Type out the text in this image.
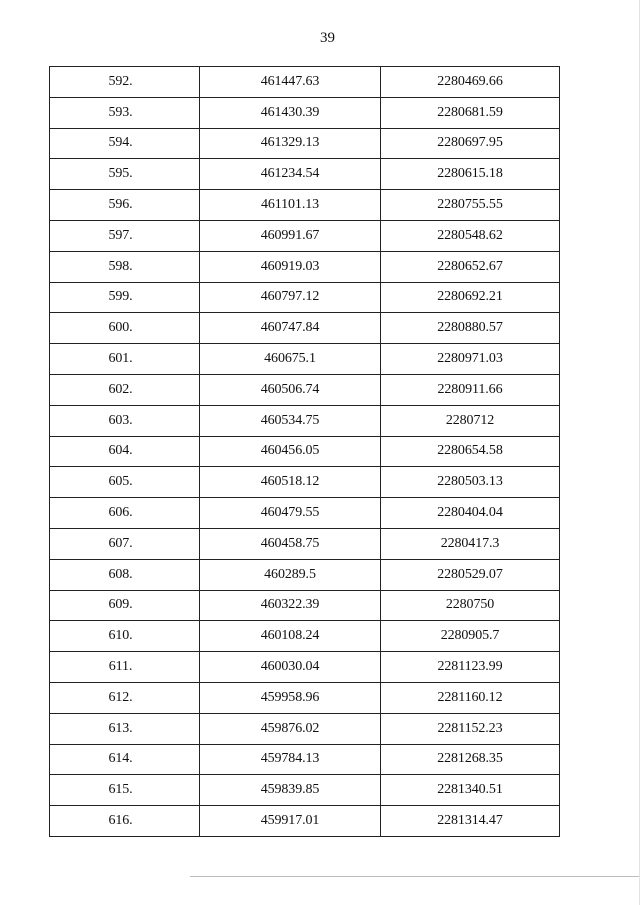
39
592.	461447.63	2280469.66
593.	461430.39	2280681.59
594.	461329.13	2280697.95
595.	461234.54	2280615.18
596.	461101.13	2280755.55
597.	460991.67	2280548.62
598.	460919.03	2280652.67
599.	460797.12	2280692.21
600.	460747.84	2280880.57
601.	460675.1	2280971.03
602.	460506.74	2280911.66
603.	460534.75	2280712
604.	460456.05	2280654.58
605.	460518.12	2280503.13
606.	460479.55	2280404.04
607.	460458.75	2280417.3
608.	460289.5	2280529.07
609.	460322.39	2280750
610.	460108.24	2280905.7
611.	460030.04	2281123.99
612.	459958.96	2281160.12
613.	459876.02	2281152.23
614.	459784.13	2281268.35
615.	459839.85	2281340.51
616.	459917.01	2281314.47
